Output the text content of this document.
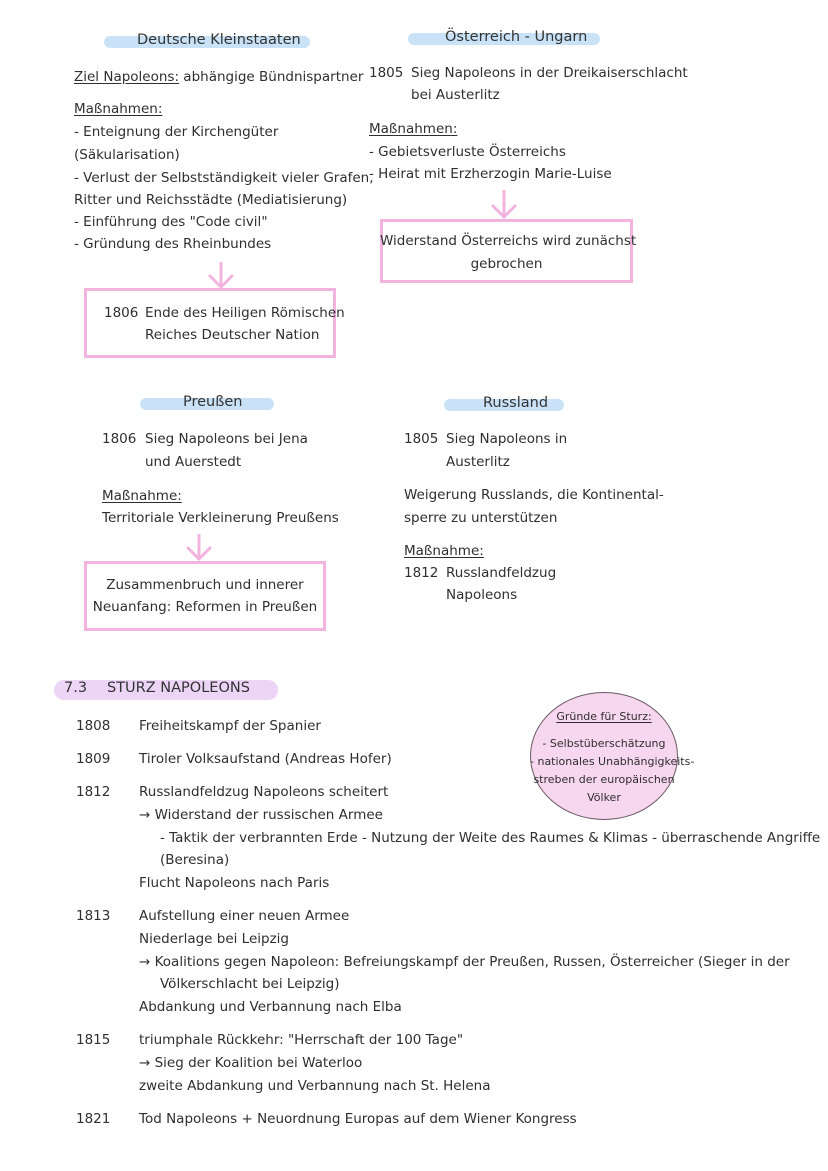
Deutsche Kleinstaaten
Ziel Napoleons: abhängige Bündnispartner
Maßnahmen:
- Enteignung der Kirchengüter
(Säkularisation)
- Verlust der Selbstständigkeit vieler Grafen,
Ritter und Reichsstädte (Mediatisierung)
- Einführung des "Code civil"
- Gründung des Rheinbundes
1806 Ende des Heiligen Römischen
Reiches Deutscher Nation
Österreich - Ungarn
1805 Sieg Napoleons in der Dreikaiserschlacht
bei Austerlitz
Maßnahmen:
- Gebietsverluste Österreichs
- Heirat mit Erzherzogin Marie-Luise
Widerstand Österreichs wird zunächst
gebrochen
Preußen
1806 Sieg Napoleons bei Jena
und Auerstedt
Maßnahme:
Territoriale Verkleinerung Preußens
Zusammenbruch und innerer
Neuanfang: Reformen in Preußen
Russland
1805 Sieg Napoleons in
Austerlitz
Weigerung Russlands, die Kontinental-
sperre zu unterstützen
Maßnahme:
1812 Russlandfeldzug
Napoleons
7.3 STURZ NAPOLEONS
Gründe für Sturz:
- Selbstüberschätzung
- nationales Unabhängigkeits-
streben der europäischen
Völker
1808 Freiheitskampf der Spanier
1809 Tiroler Volksaufstand (Andreas Hofer)
1812 Russlandfeldzug Napoleons scheitert
→ Widerstand der russischen Armee
- Taktik der verbrannten Erde - Nutzung der Weite des Raumes & Klimas - überraschende Angriffe
(Beresina)
Flucht Napoleons nach Paris
1813 Aufstellung einer neuen Armee
Niederlage bei Leipzig
→ Koalitions gegen Napoleon: Befreiungskampf der Preußen, Russen, Österreicher (Sieger in der
Völkerschlacht bei Leipzig)
Abdankung und Verbannung nach Elba
1815 triumphale Rückkehr: "Herrschaft der 100 Tage"
→ Sieg der Koalition bei Waterloo
zweite Abdankung und Verbannung nach St. Helena
1821 Tod Napoleons + Neuordnung Europas auf dem Wiener Kongress
